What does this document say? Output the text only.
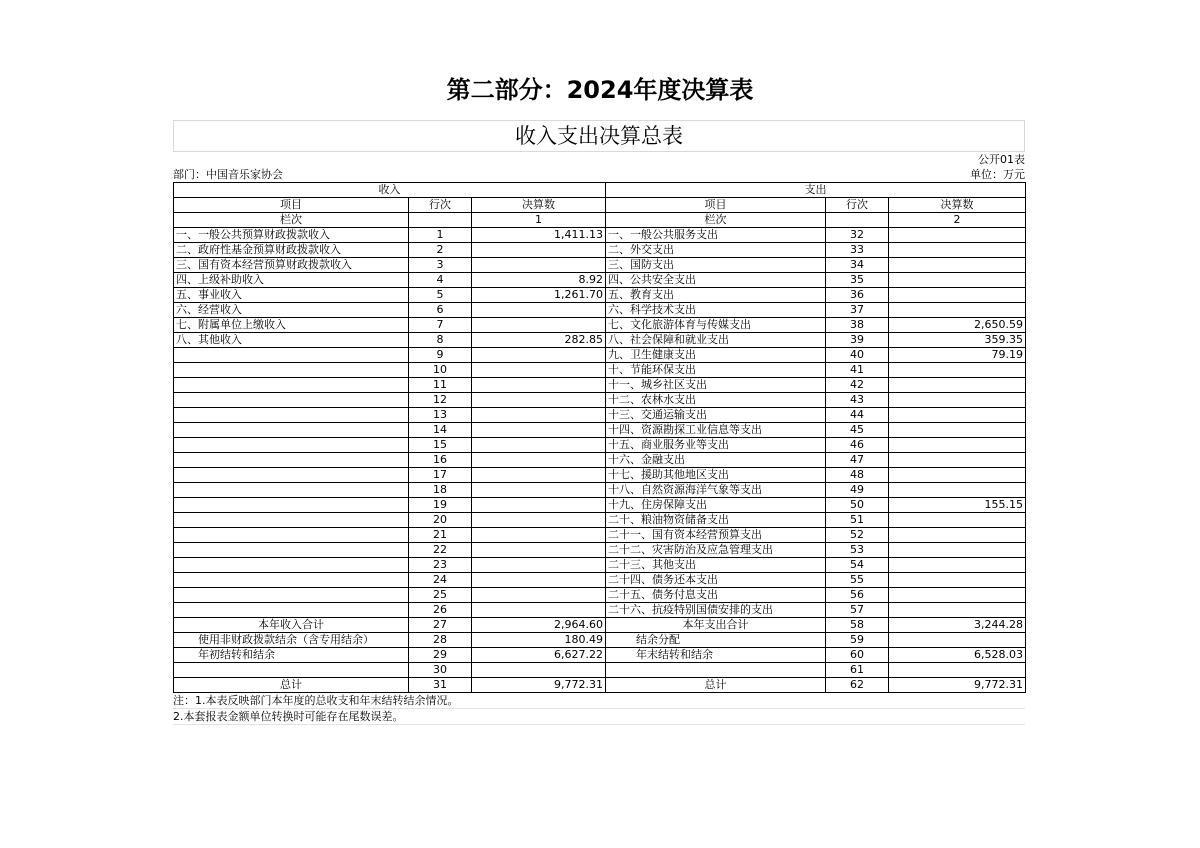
第二部分：2024年度决算表
收入支出决算总表
公开01表
部门：中国音乐家协会	单位：万元
收入			支出		
项目	行次	决算数	项目	行次	决算数
栏次		1	栏次		2
一、一般公共预算财政拨款收入	1	1,411.13	一、一般公共服务支出	32	
二、政府性基金预算财政拨款收入	2		二、外交支出	33	
三、国有资本经营预算财政拨款收入	3		三、国防支出	34	
四、上级补助收入	4	8.92	四、公共安全支出	35	
五、事业收入	5	1,261.70	五、教育支出	36	
六、经营收入	6		六、科学技术支出	37	
七、附属单位上缴收入	7		七、文化旅游体育与传媒支出	38	2,650.59
八、其他收入	8	282.85	八、社会保障和就业支出	39	359.35
	9		九、卫生健康支出	40	79.19
	10		十、节能环保支出	41	
	11		十一、城乡社区支出	42	
	12		十二、农林水支出	43	
	13		十三、交通运输支出	44	
	14		十四、资源勘探工业信息等支出	45	
	15		十五、商业服务业等支出	46	
	16		十六、金融支出	47	
	17		十七、援助其他地区支出	48	
	18		十八、自然资源海洋气象等支出	49	
	19		十九、住房保障支出	50	155.15
	20		二十、粮油物资储备支出	51	
	21		二十一、国有资本经营预算支出	52	
	22		二十二、灾害防治及应急管理支出	53	
	23		二十三、其他支出	54	
	24		二十四、债务还本支出	55	
	25		二十五、债务付息支出	56	
	26		二十六、抗疫特别国债安排的支出	57	
本年收入合计	27	2,964.60	本年支出合计	58	3,244.28
使用非财政拨款结余（含专用结余）	28	180.49	结余分配	59	
年初结转和结余	29	6,627.22	年末结转和结余	60	6,528.03
	30			61	
总计	31	9,772.31	总计	62	9,772.31
注：1.本表反映部门本年度的总收支和年末结转结余情况。
2.本套报表金额单位转换时可能存在尾数误差。
